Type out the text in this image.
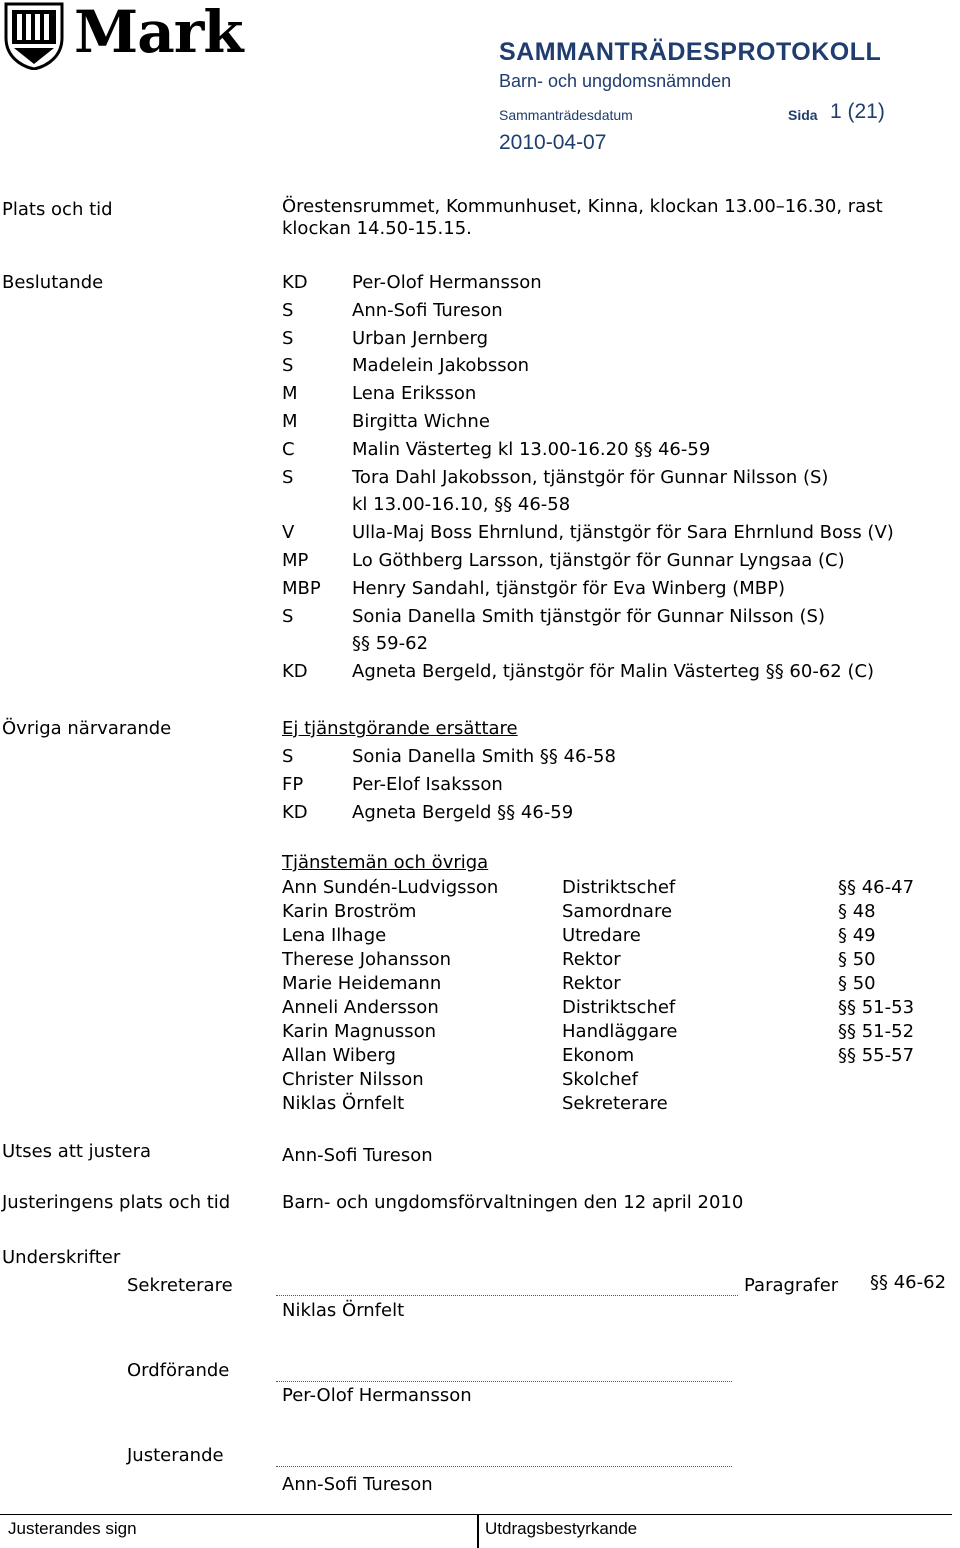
Mark	SAMMANTRÄDESPROTOKOLL
Barn- och ungdomsnämnden
Sammanträdesdatum	Sida 1 (21)
2010-04-07
Plats och tid	Örestensrummet, Kommunhuset, Kinna, klockan 13.00–16.30, rast
klockan 14.50-15.15.
Beslutande	KD Per-Olof Hermansson
S	Ann-Sofi Tureson
S	Urban Jernberg
S	Madelein Jakobsson
M	Lena Eriksson
M	Birgitta Wichne
C	Malin Västerteg kl 13.00-16.20 §§ 46-59
S	Tora Dahl Jakobsson, tjänstgör för Gunnar Nilsson (S)
kl 13.00-16.10, §§ 46-58
V	Ulla-Maj Boss Ehrnlund, tjänstgör för Sara Ehrnlund Boss (V)
MP Lo Göthberg Larsson, tjänstgör för Gunnar Lyngsaa (C)
MBP Henry Sandahl, tjänstgör för Eva Winberg (MBP)
S	Sonia Danella Smith tjänstgör för Gunnar Nilsson (S)
§§ 59-62
KD Agneta Bergeld, tjänstgör för Malin Västerteg §§ 60-62 (C)
Övriga närvarande	Ej tjänstgörande ersättare
S	Sonia Danella Smith §§ 46-58
FP	Per-Elof Isaksson
KD Agneta Bergeld §§ 46-59
Tjänstemän och övriga
Ann Sundén-Ludvigsson	Distriktschef	§§ 46-47
Karin Broström	Samordnare	§ 48
Lena Ilhage	Utredare	§ 49
Therese Johansson	Rektor	§ 50
Marie Heidemann	Rektor	§ 50
Anneli Andersson	Distriktschef	§§ 51-53
Karin Magnusson	Handläggare	§§ 51-52
Allan Wiberg	Ekonom	§§ 55-57
Christer Nilsson	Skolchef
Niklas Örnfelt	Sekreterare
Utses att justera	Ann-Sofi Tureson
Justeringens plats och tid	Barn- och ungdomsförvaltningen den 12 april 2010
Underskrifter
Sekreterare
Niklas Örnfelt
Paragrafer §§ 46-62
Ordförande
Per-Olof Hermansson
Justerande
Ann-Sofi Tureson
Justerandes sign	Utdragsbestyrkande
